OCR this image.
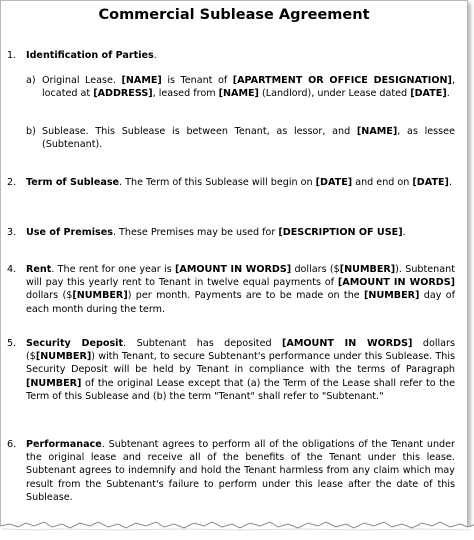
Commercial Sublease Agreement
1. Identification of Parties.
a) Original Lease. [NAME] is Tenant of [APARTMENT OR OFFICE DESIGNATION], located at [ADDRESS], leased from [NAME] (Landlord), under Lease dated [DATE].
b) Sublease. This Sublease is between Tenant, as lessor, and [NAME], as lessee (Subtenant).
2. Term of Sublease. The Term of this Sublease will begin on [DATE] and end on [DATE].
3. Use of Premises. These Premises may be used for [DESCRIPTION OF USE].
4. Rent. The rent for one year is [AMOUNT IN WORDS] dollars ($[NUMBER]). Subtenant will pay this yearly rent to Tenant in twelve equal payments of [AMOUNT IN WORDS] dollars ($[NUMBER]) per month. Payments are to be made on the [NUMBER] day of each month during the term.
5. Security Deposit. Subtenant has deposited [AMOUNT IN WORDS] dollars ($[NUMBER]) with Tenant, to secure Subtenant's performance under this Sublease. This Security Deposit will be held by Tenant in compliance with the terms of Paragraph [NUMBER] of the original Lease except that (a) the Term of the Lease shall refer to the Term of this Sublease and (b) the term "Tenant" shall refer to "Subtenant."
6. Performanace. Subtenant agrees to perform all of the obligations of the Tenant under the original lease and receive all of the benefits of the Tenant under this lease. Subtenant agrees to indemnify and hold the Tenant harmless from any claim which may result from the Subtenant's failure to perform under this lease after the date of this Sublease.
